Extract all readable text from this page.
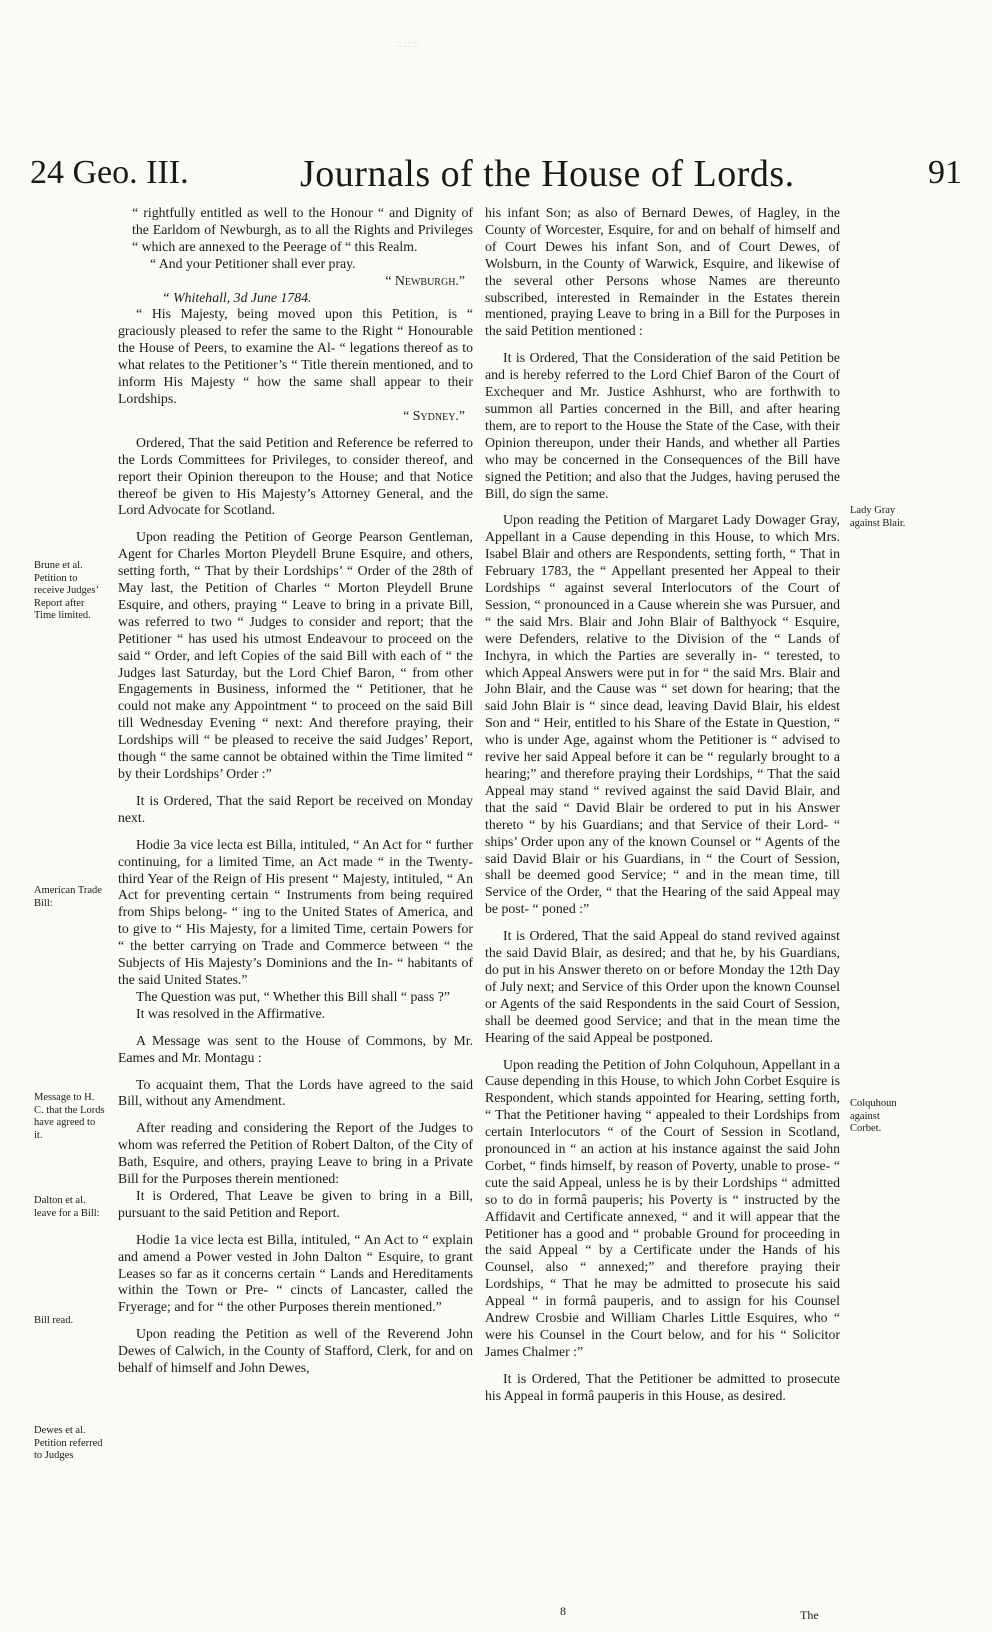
∴ ∷ ∴
24 Geo. III.	Journals of the House of Lords.	91

“ rightfully entitled as well to the Honour “ and Dignity of the Earldom of Newburgh, as to all the Rights and Privileges “ which are annexed to the Peerage of “ this Realm.

“ And your Petitioner shall ever pray.

“ Newburgh.”

“ Whitehall, 3d June 1784.

“ His Majesty, being moved upon this Petition, is “ graciously pleased to refer the same to the Right “ Honourable the House of Peers, to examine the Al- “ legations thereof as to what relates to the Petitioner’s “ Title therein mentioned, and to inform His Majesty “ how the same shall appear to their Lordships.

“ Sydney.”

Ordered, That the said Petition and Reference be referred to the Lords Committees for Privileges, to consider thereof, and report their Opinion thereupon to the House; and that Notice thereof be given to His Majesty’s Attorney General, and the Lord Advocate for Scotland.

Upon reading the Petition of George Pearson Gentleman, Agent for Charles Morton Pleydell Brune Esquire, and others, setting forth, “ That by their Lordships’ “ Order of the 28th of May last, the Petition of Charles “ Morton Pleydell Brune Esquire, and others, praying “ Leave to bring in a private Bill, was referred to two “ Judges to consider and report; that the Petitioner “ has used his utmost Endeavour to proceed on the said “ Order, and left Copies of the said Bill with each of “ the Judges last Saturday, but the Lord Chief Baron, “ from other Engagements in Business, informed the “ Petitioner, that he could not make any Appointment “ to proceed on the said Bill till Wednesday Evening “ next: And therefore praying, their Lordships will “ be pleased to receive the said Judges’ Report, though “ the same cannot be obtained within the Time limited “ by their Lordships’ Order :”

It is Ordered, That the said Report be received on Monday next.

Hodie 3a vice lecta est Billa, intituled, “ An Act for “ further continuing, for a limited Time, an Act made “ in the Twenty-third Year of the Reign of His present “ Majesty, intituled, “ An Act for preventing certain “ Instruments from being required from Ships belong- “ ing to the United States of America, and to give to “ His Majesty, for a limited Time, certain Powers for “ the better carrying on Trade and Commerce between “ the Subjects of His Majesty’s Dominions and the In- “ habitants of the said United States.”

The Question was put, “ Whether this Bill shall “ pass ?”

It was resolved in the Affirmative.

A Message was sent to the House of Commons, by Mr. Eames and Mr. Montagu :

To acquaint them, That the Lords have agreed to the said Bill, without any Amendment.

After reading and considering the Report of the Judges to whom was referred the Petition of Robert Dalton, of the City of Bath, Esquire, and others, praying Leave to bring in a Private Bill for the Purposes therein mentioned:

It is Ordered, That Leave be given to bring in a Bill, pursuant to the said Petition and Report.

Hodie 1a vice lecta est Billa, intituled, “ An Act to “ explain and amend a Power vested in John Dalton “ Esquire, to grant Leases so far as it concerns certain “ Lands and Hereditaments within the Town or Pre- “ cincts of Lancaster, called the Fryerage; and for “ the other Purposes therein mentioned.”

Upon reading the Petition as well of the Reverend John Dewes of Calwich, in the County of Stafford, Clerk, for and on behalf of himself and John Dewes,

his infant Son; as also of Bernard Dewes, of Hagley, in the County of Worcester, Esquire, for and on behalf of himself and of Court Dewes his infant Son, and of Court Dewes, of Wolsburn, in the County of Warwick, Esquire, and likewise of the several other Persons whose Names are thereunto subscribed, interested in Remainder in the Estates therein mentioned, praying Leave to bring in a Bill for the Purposes in the said Petition mentioned :

It is Ordered, That the Consideration of the said Petition be and is hereby referred to the Lord Chief Baron of the Court of Exchequer and Mr. Justice Ashhurst, who are forthwith to summon all Parties concerned in the Bill, and after hearing them, are to report to the House the State of the Case, with their Opinion thereupon, under their Hands, and whether all Parties who may be concerned in the Consequences of the Bill have signed the Petition; and also that the Judges, having perused the Bill, do sign the same.

Upon reading the Petition of Margaret Lady Dowager Gray, Appellant in a Cause depending in this House, to which Mrs. Isabel Blair and others are Respondents, setting forth, “ That in February 1783, the “ Appellant presented her Appeal to their Lordships “ against several Interlocutors of the Court of Session, “ pronounced in a Cause wherein she was Pursuer, and “ the said Mrs. Blair and John Blair of Balthyock “ Esquire, were Defenders, relative to the Division of the “ Lands of Inchyra, in which the Parties are severally in- “ terested, to which Appeal Answers were put in for “ the said Mrs. Blair and John Blair, and the Cause was “ set down for hearing; that the said John Blair is “ since dead, leaving David Blair, his eldest Son and “ Heir, entitled to his Share of the Estate in Question, “ who is under Age, against whom the Petitioner is “ advised to revive her said Appeal before it can be “ regularly brought to a hearing;” and therefore praying their Lordships, “ That the said Appeal may stand “ revived against the said David Blair, and that the said “ David Blair be ordered to put in his Answer thereto “ by his Guardians; and that Service of their Lord- “ ships’ Order upon any of the known Counsel or “ Agents of the said David Blair or his Guardians, in “ the Court of Session, shall be deemed good Service; “ and in the mean time, till Service of the Order, “ that the Hearing of the said Appeal may be post- “ poned :”

It is Ordered, That the said Appeal do stand revived against the said David Blair, as desired; and that he, by his Guardians, do put in his Answer thereto on or before Monday the 12th Day of July next; and Service of this Order upon the known Counsel or Agents of the said Respondents in the said Court of Session, shall be deemed good Service; and that in the mean time the Hearing of the said Appeal be postponed.

Upon reading the Petition of John Colquhoun, Appellant in a Cause depending in this House, to which John Corbet Esquire is Respondent, which stands appointed for Hearing, setting forth, “ That the Petitioner having “ appealed to their Lordships from certain Interlocutors “ of the Court of Session in Scotland, pronounced in “ an action at his instance against the said John Corbet, “ finds himself, by reason of Poverty, unable to prose- “ cute the said Appeal, unless he is by their Lordships “ admitted so to do in formâ pauperis; his Poverty is “ instructed by the Affidavit and Certificate annexed, “ and it will appear that the Petitioner has a good and “ probable Ground for proceeding in the said Appeal “ by a Certificate under the Hands of his Counsel, also “ annexed;” and therefore praying their Lordships, “ That he may be admitted to prosecute his said Appeal “ in formâ pauperis, and to assign for his Counsel Andrew Crosbie and William Charles Little Esquires, who “ were his Counsel in the Court below, and for his “ Solicitor James Chalmer :”

It is Ordered, That the Petitioner be admitted to prosecute his Appeal in formâ pauperis in this House, as desired.

Brune et al. Petition to receive Judges’ Report after Time limited.
American Trade Bill:
Message to H. C. that the Lords have agreed to it.
Dalton et al. leave for a Bill:
Bill read.
Dewes et al. Petition referred to Judges
Lady Gray against Blair.
Colquhoun against Corbet.
8	The
